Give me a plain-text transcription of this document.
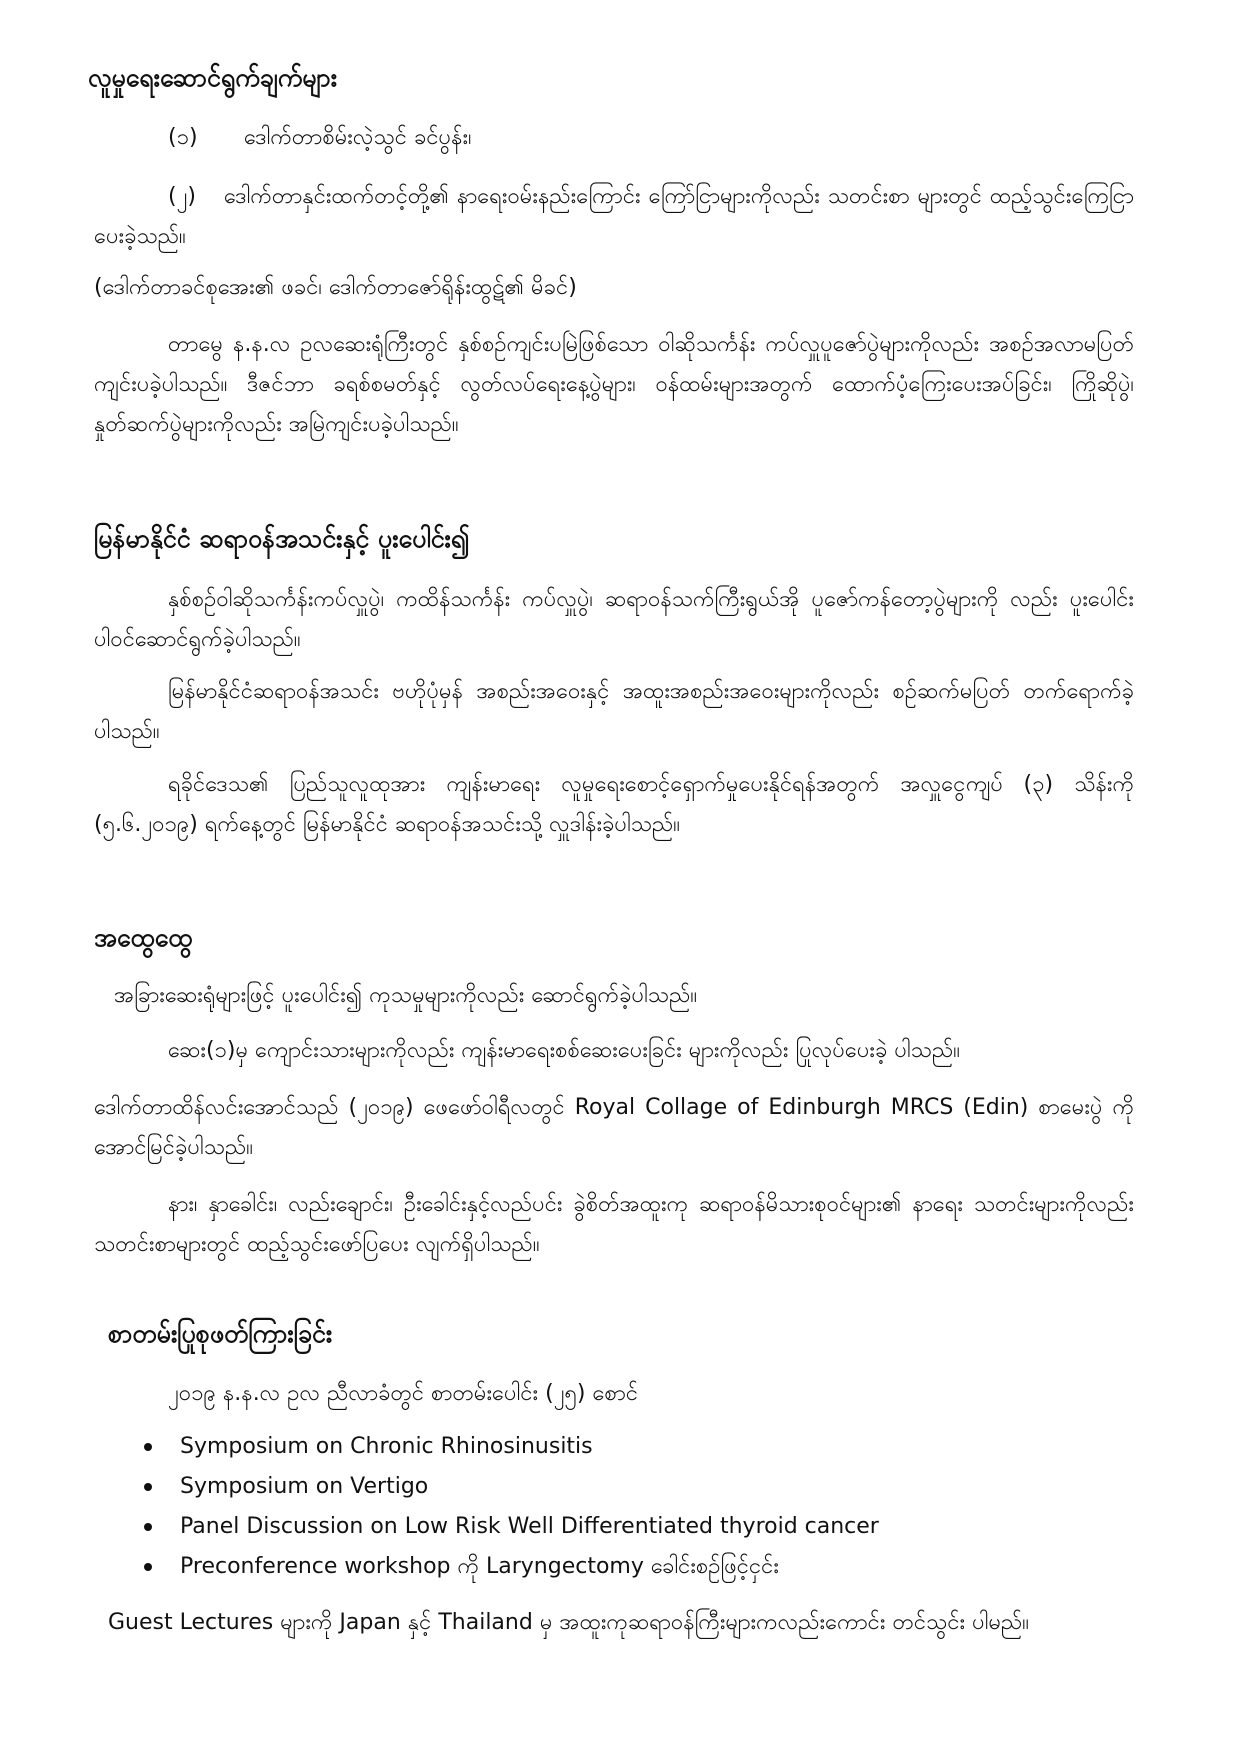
လူမှုရေးဆောင်ရွက်ချက်များ
(၁) ဒေါက်တာစိမ်းလဲ့သွင် ခင်ပွန်း၊

(၂) ဒေါက်တာနှင်းထက်တင့်တို့၏ နာရေးဝမ်းနည်းကြောင်း ကြော်ငြာများကိုလည်း သတင်းစာ များတွင် ထည့်သွင်းကြေငြာပေးခဲ့သည်။

(ဒေါက်တာခင်စုအေး၏ ဖခင်၊ ဒေါက်တာဇော်ရိုန်းထွဋ်၏ မိခင်)

တာမွေ န.န.လ ဥလဆေးရုံကြီးတွင် နှစ်စဉ်ကျင်းပမြဲဖြစ်သော ဝါဆိုသင်္ကန်း ကပ်လှူပူဇော်ပွဲများကိုလည်း အစဉ်အလာမပြတ် ကျင်းပခဲ့ပါသည်။ ဒီဇင်ဘာ ခရစ်စမတ်နှင့် လွတ်လပ်ရေးနေ့ပွဲများ၊ ဝန်ထမ်းများအတွက် ထောက်ပံ့ကြေးပေးအပ်ခြင်း၊ ကြိုဆိုပွဲ၊ နှုတ်ဆက်ပွဲများကိုလည်း အမြဲကျင်းပခဲ့ပါသည်။

မြန်မာနိုင်ငံ ဆရာဝန်အသင်းနှင့် ပူးပေါင်း၍

နှစ်စဉ်ဝါဆိုသင်္ကန်းကပ်လှူပွဲ၊ ကထိန်သင်္ကန်း ကပ်လှူပွဲ၊ ဆရာဝန်သက်ကြီးရွယ်အို ပူဇော်ကန်တော့ပွဲများကို လည်း ပူးပေါင်းပါဝင်ဆောင်ရွက်ခဲ့ပါသည်။

မြန်မာနိုင်ငံဆရာဝန်အသင်း ဗဟိုပုံမှန် အစည်းအဝေးနှင့် အထူးအစည်းအဝေးများကိုလည်း စဉ်ဆက်မပြတ် တက်ရောက်ခဲ့ပါသည်။

ရခိုင်ဒေသ၏ ပြည်သူလူထုအား ကျန်းမာရေး လူမှုရေးစောင့်ရှောက်မှုပေးနိုင်ရန်အတွက် အလှူငွေကျပ် (၃) သိန်းကို (၅.၆.၂၀၁၉) ရက်နေ့တွင် မြန်မာနိုင်ငံ ဆရာဝန်အသင်းသို့ လှူဒါန်းခဲ့ပါသည်။

အထွေထွေ

အခြားဆေးရုံများဖြင့် ပူးပေါင်း၍ ကုသမှုများကိုလည်း ဆောင်ရွက်ခဲ့ပါသည်။

ဆေး(၁)မှ ကျောင်းသားများကိုလည်း ကျန်းမာရေးစစ်ဆေးပေးခြင်း များကိုလည်း ပြုလုပ်ပေးခဲ့ ပါသည်။

ဒေါက်တာထိန်လင်းအောင်သည် (၂၀၁၉) ဖေဖော်ဝါရီလတွင် Royal Collage of Edinburgh MRCS (Edin) စာမေးပွဲ ကို အောင်မြင်ခဲ့ပါသည်။

နား၊ နှာခေါင်း၊ လည်းချောင်း၊ ဦးခေါင်းနှင့်လည်ပင်း ခွဲစိတ်အထူးကု ဆရာဝန်မိသားစုဝင်များ၏ နာရေး သတင်းများကိုလည်း သတင်းစာများတွင် ထည့်သွင်းဖော်ပြပေး လျက်ရှိပါသည်။

စာတမ်းပြုစုဖတ်ကြားခြင်း

၂၀၁၉ န.န.လ ဥလ ညီလာခံတွင် စာတမ်းပေါင်း (၂၅) စောင်

Symposium on Chronic Rhinosinusitis
Symposium on Vertigo
Panel Discussion on Low Risk Well Differentiated thyroid cancer
Preconference workshop ကို Laryngectomy ခေါင်းစဉ်ဖြင့်ငှင်း

Guest Lectures များကို Japan နှင့် Thailand မှ အထူးကုဆရာဝန်ကြီးများကလည်းကောင်း တင်သွင်း ပါမည်။
